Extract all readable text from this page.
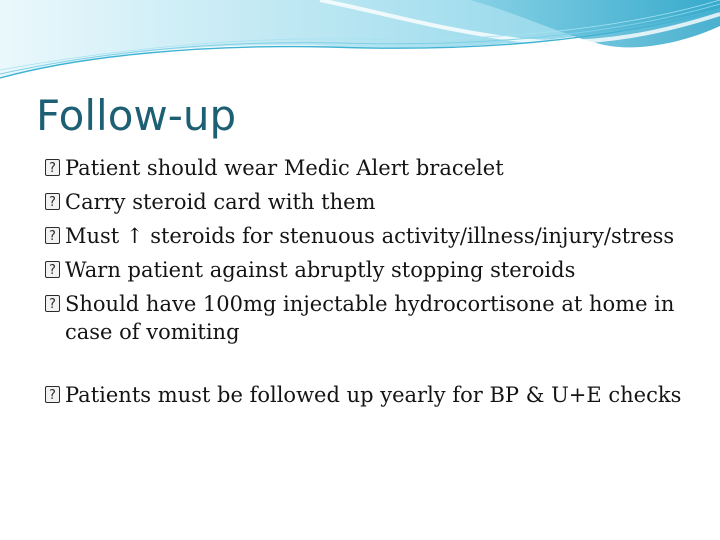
Follow-up
?
Patient should wear Medic Alert bracelet
?
Carry steroid card with them
?
Must ↑ steroids for stenuous activity/illness/injury/stress
?
Warn patient against abruptly stopping steroids
?
Should have 100mg injectable hydrocortisone at home in case of vomiting
?
Patients must be followed up yearly for BP & U+E checks
